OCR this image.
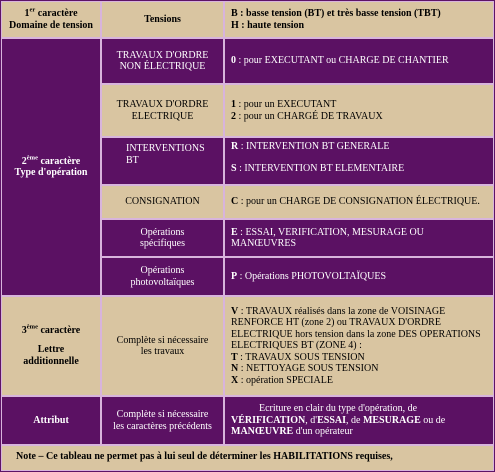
1er caractère
Domaine de tension
Tensions
B : basse tension (BT) et très basse tension (TBT)
H : haute tension
2ème caractère
Type d'opération
TRAVAUX D'ORDRE NON ÉLECTRIQUE
0 : pour EXECUTANT ou CHARGE DE CHANTIER
TRAVAUX D'ORDRE ELECTRIQUE
1 : pour un EXECUTANT
2 : pour un CHARGÉ DE TRAVAUX
INTERVENTIONS BT
R : INTERVENTION BT GENERALE
S : INTERVENTION BT ELEMENTAIRE
CONSIGNATION	C : pour un CHARGE DE CONSIGNATION ÉLECTRIQUE.
Opérations spécifiques
E : ESSAI, VERIFICATION, MESURAGE OU MANŒUVRES
Opérations photovoltaïques
P : Opérations PHOTOVOLTAÏQUES
3ème caractère
Lettre
additionnelle
Complète si nécessaire les travaux
V : TRAVAUX réalisés dans la zone de VOISINAGE RENFORCE HT (zone 2) ou TRAVAUX D'ORDRE ELECTRIQUE hors tension dans la zone DES OPERATIONS ELECTRIQUES BT (ZONE 4) :
T : TRAVAUX SOUS TENSION
N : NETTOYAGE SOUS TENSION
X : opération SPECIALE
Attribut
Complète si nécessaire les caractères précédents
Ecriture en clair du type d'opération, de VÉRIFICATION, d'ESSAI, de MESURAGE ou de MANŒUVRE d'un opérateur
Note – Ce tableau ne permet pas à lui seul de déterminer les HABILITATIONS requises,
